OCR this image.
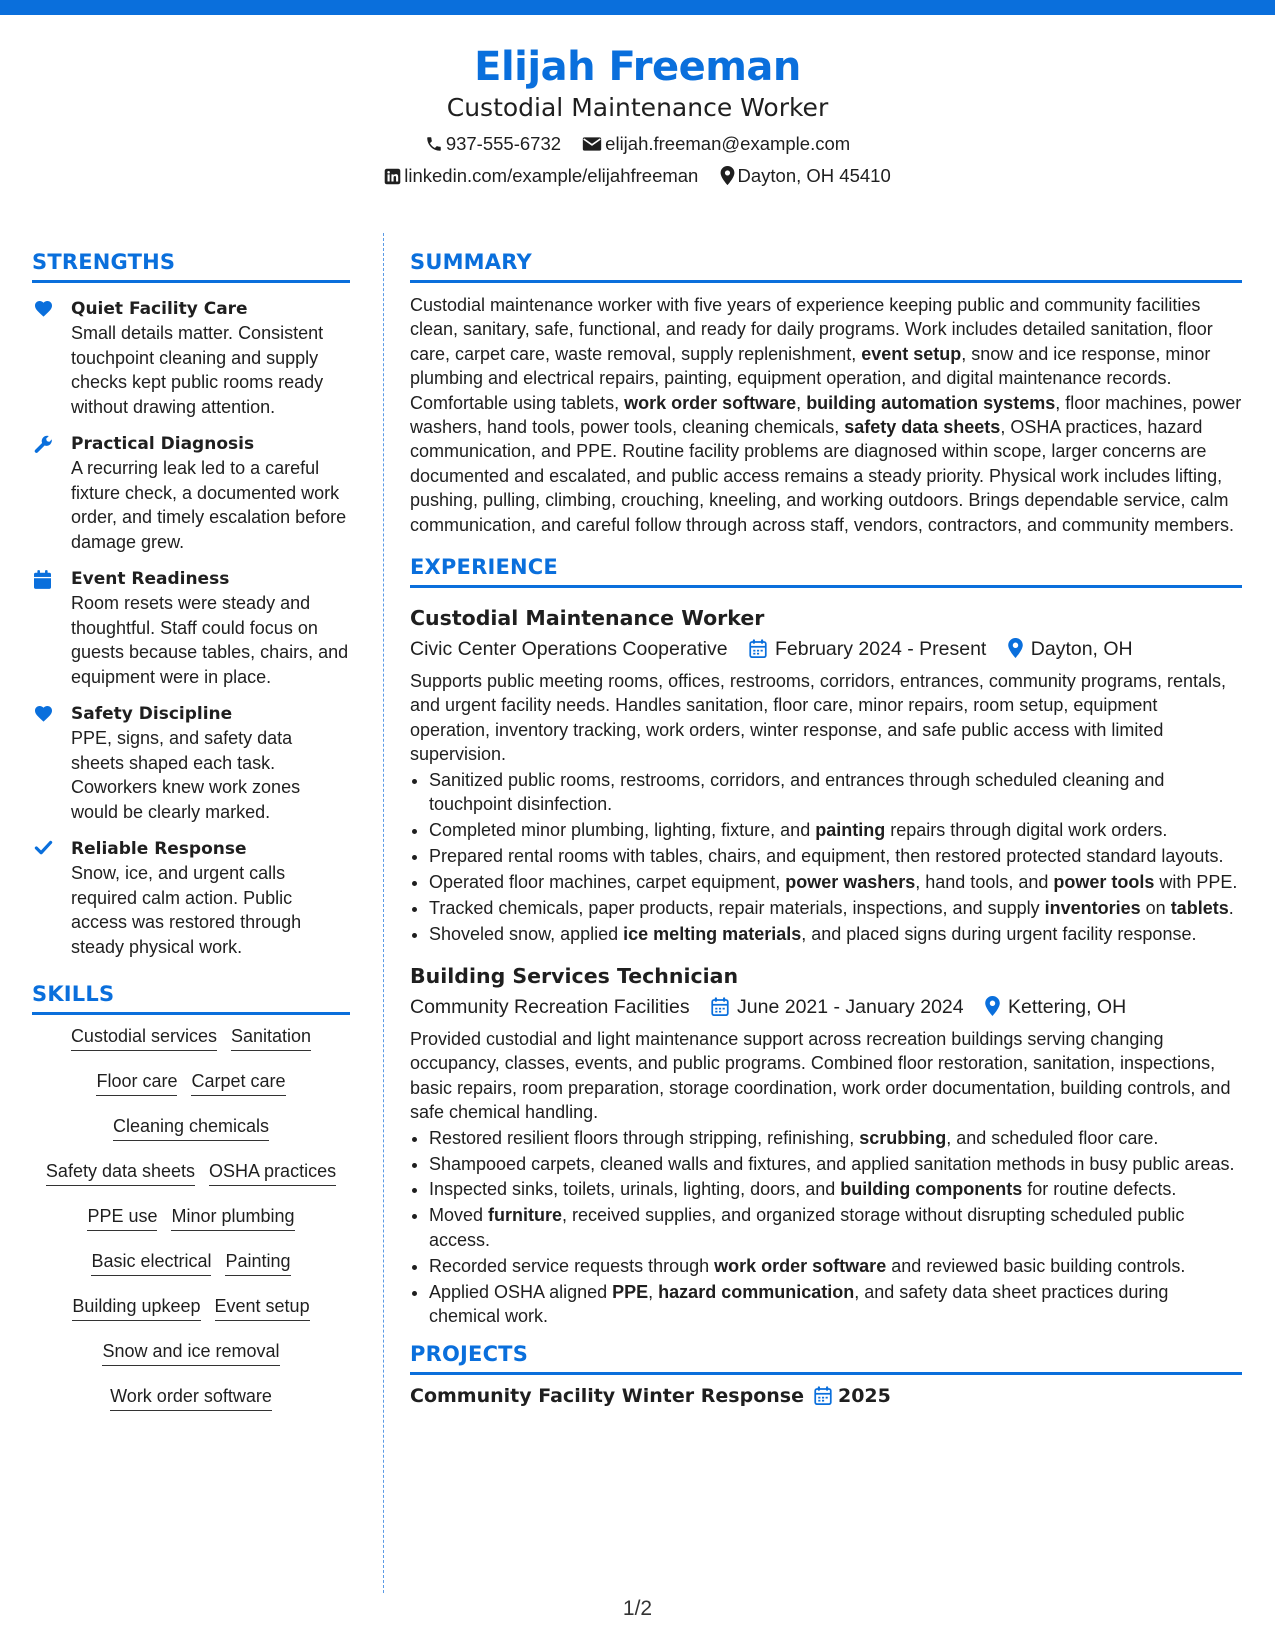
Elijah Freeman
Custodial Maintenance Worker
937-555-6732 elijah.freeman@example.com
linkedin.com/example/elijahfreeman Dayton, OH 45410
STRENGTHS
Quiet Facility Care
Small details matter. Consistent touchpoint cleaning and supply checks kept public rooms ready without drawing attention.
Practical Diagnosis
A recurring leak led to a careful fixture check, a documented work order, and timely escalation before damage grew.
Event Readiness
Room resets were steady and thoughtful. Staff could focus on guests because tables, chairs, and equipment were in place.
Safety Discipline
PPE, signs, and safety data sheets shaped each task. Coworkers knew work zones would be clearly marked.
Reliable Response
Snow, ice, and urgent calls required calm action. Public access was restored through steady physical work.
SKILLS
Custodial services Sanitation
Floor care Carpet care
Cleaning chemicals
Safety data sheets OSHA practices
PPE use Minor plumbing
Basic electrical Painting
Building upkeep Event setup
Snow and ice removal
Work order software
SUMMARY
Custodial maintenance worker with five years of experience keeping public and community facilities clean, sanitary, safe, functional, and ready for daily programs. Work includes detailed sanitation, floor care, carpet care, waste removal, supply replenishment, event setup, snow and ice response, minor plumbing and electrical repairs, painting, equipment operation, and digital maintenance records. Comfortable using tablets, work order software, building automation systems, floor machines, power washers, hand tools, power tools, cleaning chemicals, safety data sheets, OSHA practices, hazard communication, and PPE. Routine facility problems are diagnosed within scope, larger concerns are documented and escalated, and public access remains a steady priority. Physical work includes lifting, pushing, pulling, climbing, crouching, kneeling, and working outdoors. Brings dependable service, calm communication, and careful follow through across staff, vendors, contractors, and community members.
EXPERIENCE
Custodial Maintenance Worker
Civic Center Operations Cooperative February 2024 - Present Dayton, OH
Supports public meeting rooms, offices, restrooms, corridors, entrances, community programs, rentals, and urgent facility needs. Handles sanitation, floor care, minor repairs, room setup, equipment operation, inventory tracking, work orders, winter response, and safe public access with limited supervision.
• Sanitized public rooms, restrooms, corridors, and entrances through scheduled cleaning and touchpoint disinfection.
• Completed minor plumbing, lighting, fixture, and painting repairs through digital work orders.
• Prepared rental rooms with tables, chairs, and equipment, then restored protected standard layouts.
• Operated floor machines, carpet equipment, power washers, hand tools, and power tools with PPE.
• Tracked chemicals, paper products, repair materials, inspections, and supply inventories on tablets.
• Shoveled snow, applied ice melting materials, and placed signs during urgent facility response.
Building Services Technician
Community Recreation Facilities June 2021 - January 2024 Kettering, OH
Provided custodial and light maintenance support across recreation buildings serving changing occupancy, classes, events, and public programs. Combined floor restoration, sanitation, inspections, basic repairs, room preparation, storage coordination, work order documentation, building controls, and safe chemical handling.
• Restored resilient floors through stripping, refinishing, scrubbing, and scheduled floor care.
• Shampooed carpets, cleaned walls and fixtures, and applied sanitation methods in busy public areas.
• Inspected sinks, toilets, urinals, lighting, doors, and building components for routine defects.
• Moved furniture, received supplies, and organized storage without disrupting scheduled public access.
• Recorded service requests through work order software and reviewed basic building controls.
• Applied OSHA aligned PPE, hazard communication, and safety data sheet practices during chemical work.
PROJECTS
Community Facility Winter Response 2025
1/2
